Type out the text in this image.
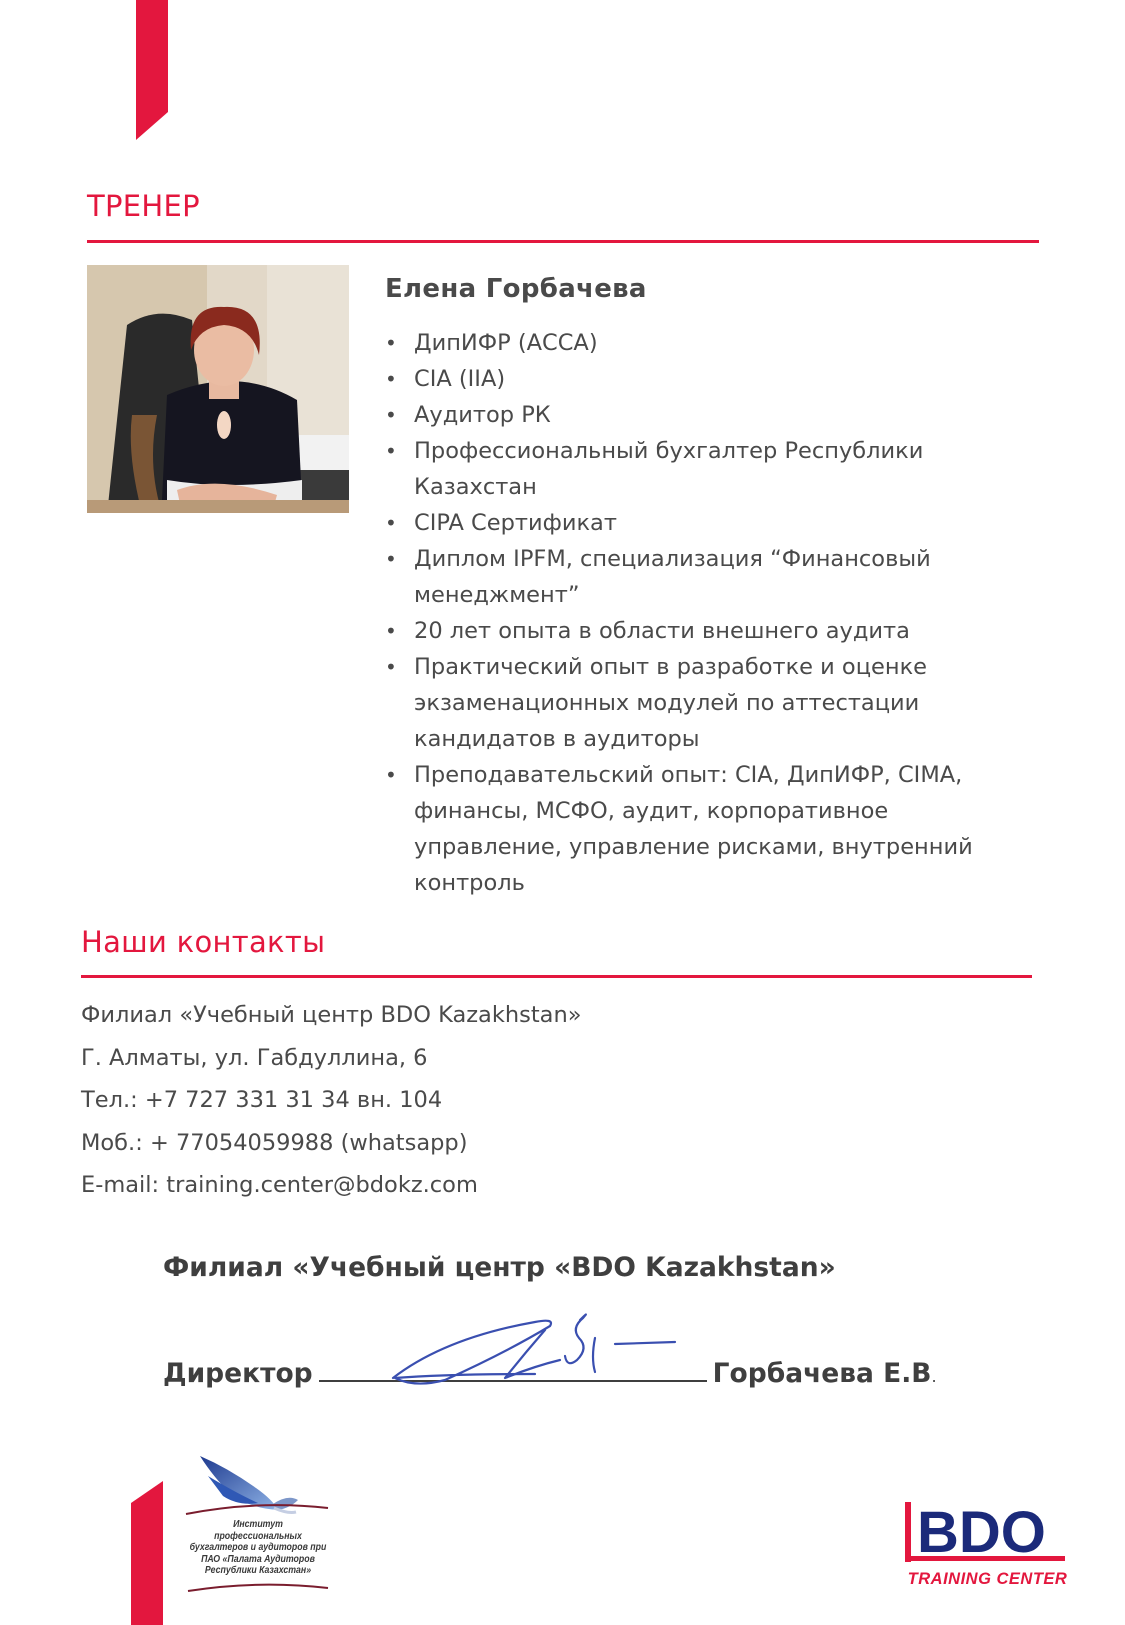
ТРЕНЕР
Елена Горбачева
• ДипИФР (АССА)
• CIA (IIA)
• Аудитор РК
• Профессиональный бухгалтер Республики Казахстан
• CIPA Сертификат
• Диплом IPFM, специализация “Финансовый менеджмент”
• 20 лет опыта в области внешнего аудита
• Практический опыт в разработке и оценке экзаменационных модулей по аттестации кандидатов в аудиторы
• Преподавательский опыт: CIA, ДипИФР, CIMA, финансы, МСФО, аудит, корпоративное управление, управление рисками, внутренний контроль
Наши контакты
Филиал «Учебный центр BDO Kazakhstan»
Г. Алматы, ул. Габдуллина, 6
Тел.: +7 727 331 31 34 вн. 104
Моб.: + 77054059988 (whatsapp)
E-mail: training.center@bdokz.com

Филиал «Учебный центр «BDO Kazakhstan»

Директор	Горбачева Е.В.
Институт профессиональных бухгалтеров и аудиторов при ПАО «Палата Аудиторов Республики Казахстан»
BDO
TRAINING CENTER
